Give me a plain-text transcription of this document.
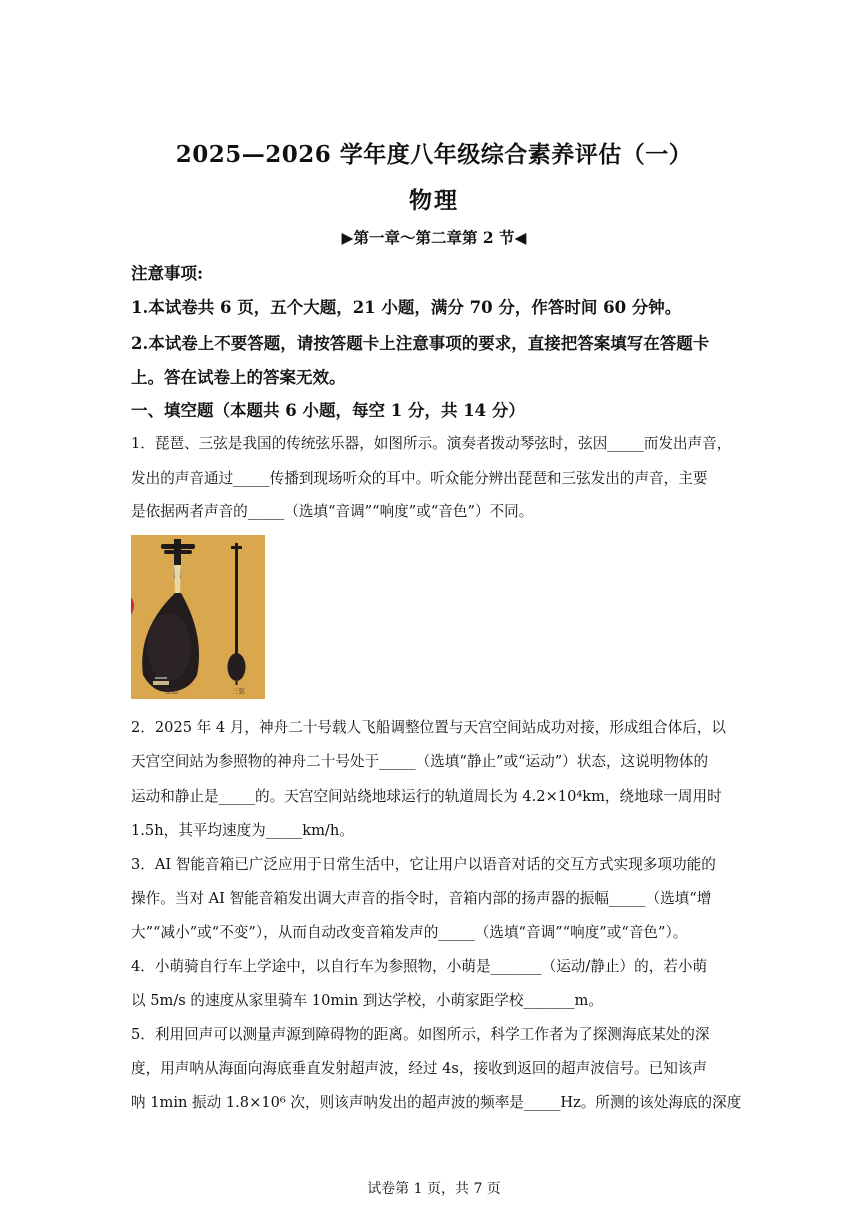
2025—2026 学年度八年级综合素养评估（一）
物理
▶第一章～第二章第 2 节◀
注意事项:
1.本试卷共 6 页，五个大题，21 小题，满分 70 分，作答时间 60 分钟。
2.本试卷上不要答题，请按答题卡上注意事项的要求，直接把答案填写在答题卡
上。答在试卷上的答案无效。
一、填空题（本题共 6 小题，每空 1 分，共 14 分）
1．琵琶、三弦是我国的传统弦乐器，如图所示。演奏者拨动琴弦时，弦因_____而发出声音，
发出的声音通过_____传播到现场听众的耳中。听众能分辨出琵琶和三弦发出的声音，主要
是依据两者声音的_____（选填“音调”“响度”或“音色”）不同。
琵琶	三弦
2．2025 年 4 月，神舟二十号载人飞船调整位置与天宫空间站成功对接，形成组合体后，以
天宫空间站为参照物的神舟二十号处于_____（选填“静止”或“运动”）状态，这说明物体的
运动和静止是_____的。天宫空间站绕地球运行的轨道周长为 4.2×10⁴km，绕地球一周用时
1.5h，其平均速度为_____km/h。
3．AI 智能音箱已广泛应用于日常生活中，它让用户以语音对话的交互方式实现多项功能的
操作。当对 AI 智能音箱发出调大声音的指令时，音箱内部的扬声器的振幅_____（选填“增
大”“减小”或“不变”），从而自动改变音箱发声的_____（选填“音调”“响度”或“音色”）。
4．小萌骑自行车上学途中，以自行车为参照物，小萌是_______（运动/静止）的，若小萌
以 5m/s 的速度从家里骑车 10min 到达学校，小萌家距学校_______m。
5．利用回声可以测量声源到障碍物的距离。如图所示，科学工作者为了探测海底某处的深
度，用声呐从海面向海底垂直发射超声波，经过 4s，接收到返回的超声波信号。已知该声
呐 1min 振动 1.8×10⁶ 次，则该声呐发出的超声波的频率是_____Hz。所测的该处海底的深度
试卷第 1 页，共 7 页
